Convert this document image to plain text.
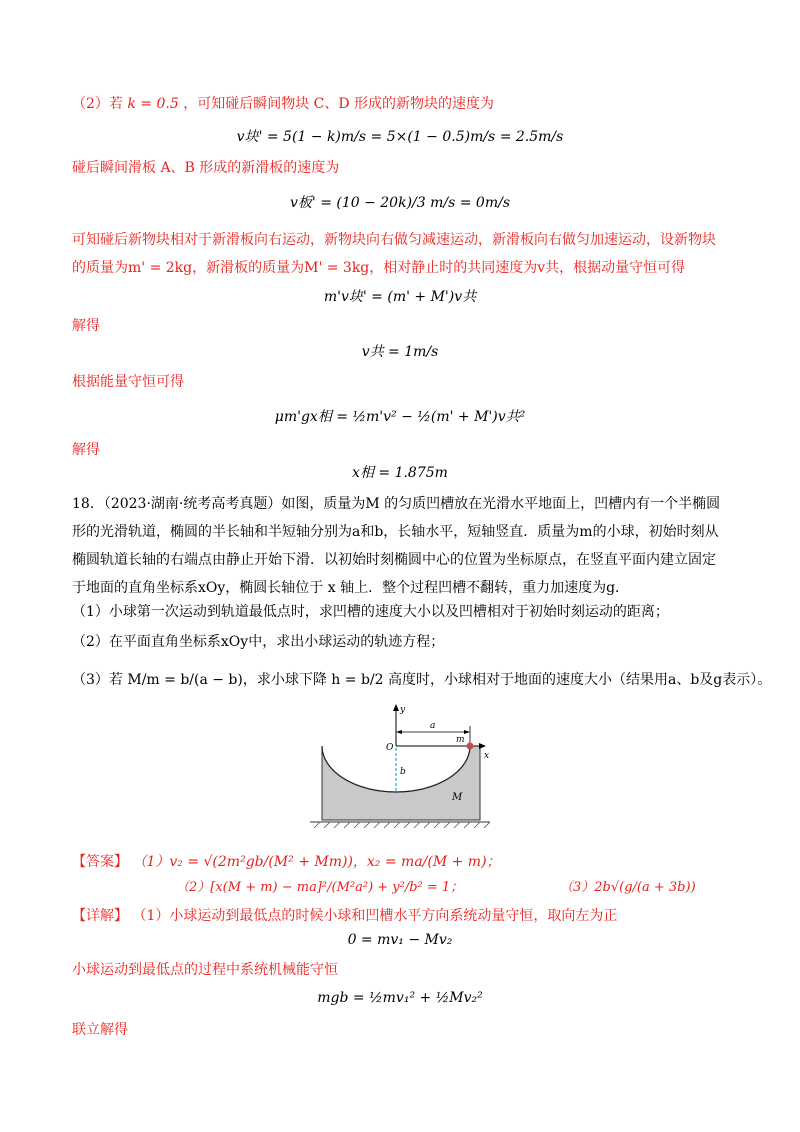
（2）若 k = 0.5 ，可知碰后瞬间物块 C、D 形成的新物块的速度为
v块' = 5(1 − k)m/s = 5×(1 − 0.5)m/s = 2.5m/s
碰后瞬间滑板 A、B 形成的新滑板的速度为
v板' = (10 − 20k)/3 m/s = 0m/s
可知碰后新物块相对于新滑板向右运动，新物块向右做匀减速运动，新滑板向右做匀加速运动，设新物块的质量为m' = 2kg，新滑板的质量为M' = 3kg，相对静止时的共同速度为v共，根据动量守恒可得
m'v块' = (m' + M')v共
解得
v共 = 1m/s
根据能量守恒可得
μm'gx相 = ½m'v² − ½(m' + M')v共²
解得
x相 = 1.875m
18．（2023·湖南·统考高考真题）如图，质量为M 的匀质凹槽放在光滑水平地面上，凹槽内有一个半椭圆形的光滑轨道，椭圆的半长轴和半短轴分别为a和b，长轴水平，短轴竖直．质量为m的小球，初始时刻从椭圆轨道长轴的右端点由静止开始下滑．以初始时刻椭圆中心的位置为坐标原点，在竖直平面内建立固定于地面的直角坐标系xOy，椭圆长轴位于 x 轴上．整个过程凹槽不翻转，重力加速度为g．
（1）小球第一次运动到轨道最低点时，求凹槽的速度大小以及凹槽相对于初始时刻运动的距离；
（2）在平面直角坐标系xOy中，求出小球运动的轨迹方程；
（3）若 M/m = b/(a − b)，求小球下降 h = b/2 高度时，小球相对于地面的速度大小（结果用a、b及g表示）。
y
x
O
a
b
m
M
【答案】 （1）v₂ = √(2m²gb/(M² + Mm))，x₂ = ma/(M + m)；
（2）[x(M + m) − ma]²/(M²a²) + y²/b² = 1；	（3）2b√(g/(a + 3b))
【详解】 （1）小球运动到最低点的时候小球和凹槽水平方向系统动量守恒，取向左为正
0 = mv₁ − Mv₂
小球运动到最低点的过程中系统机械能守恒
mgb = ½mv₁² + ½Mv₂²
联立解得
